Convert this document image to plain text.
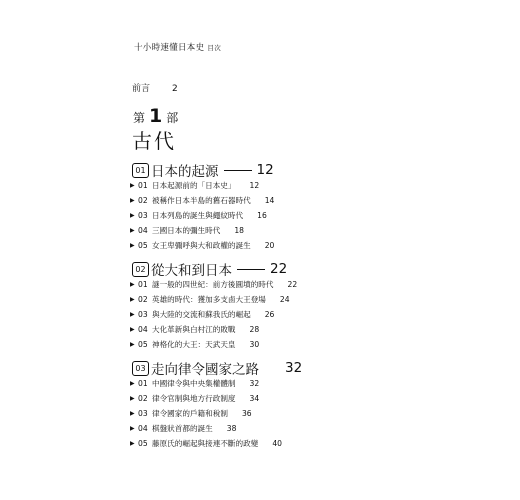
十小時速懂日本史 目次
前言 2
第 1 部
古代
01 日本的起源	12
▶ 01 日本起源前的「日本史」 12
▶ 02 被稱作日本半島的舊石器時代 14
▶ 03 日本列島的誕生與繩紋時代 16
▶ 04 三國日本的彌生時代 18
▶ 05 女王卑彌呼與大和政權的誕生 20
02 從大和到日本	22
▶ 01 謎一般的四世紀：前方後圓墳的時代 22
▶ 02 英雄的時代：獲加多支鹵大王登場 24
▶ 03 與大陸的交流和蘇我氏的崛起 26
▶ 04 大化革新與白村江的敗戰 28
▶ 05 神格化的大王：天武天皇 30
03 走向律令國家之路 32
▶ 01 中國律令與中央集權體制 32
▶ 02 律令官制與地方行政制度 34
▶ 03 律令國家的戶籍和稅制 36
▶ 04 棋盤狀首都的誕生 38
▶ 05 藤原氏的崛起與接連不斷的政變 40
